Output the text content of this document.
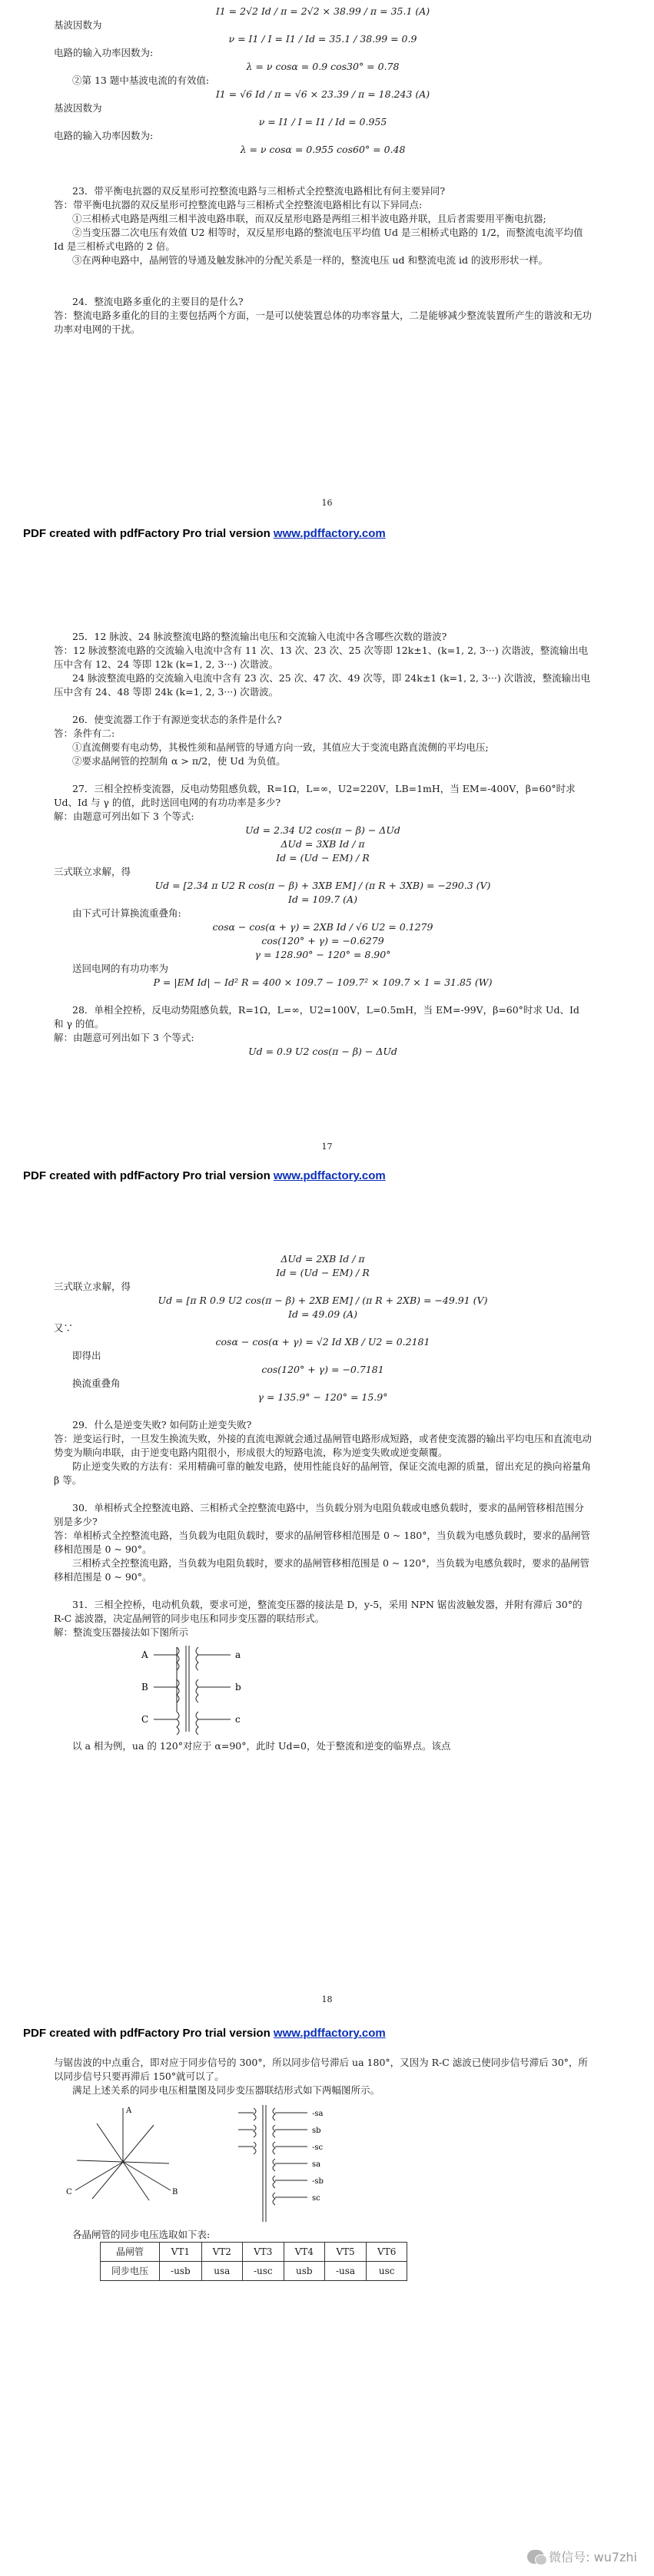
I1 = 2√2 Id / π = 2√2 × 38.99 / π = 35.1 (A)

基波因数为

ν = I1 / I = I1 / Id = 35.1 / 38.99 = 0.9

电路的输入功率因数为:

λ = ν cosα = 0.9 cos30° = 0.78

②第 13 题中基波电流的有效值:

I1 = √6 Id / π = √6 × 23.39 / π = 18.243 (A)

基波因数为

ν = I1 / I = I1 / Id = 0.955

电路的输入功率因数为:

λ = ν cosα = 0.955 cos60° = 0.48

23．带平衡电抗器的双反星形可控整流电路与三相桥式全控整流电路相比有何主要异同?

答：带平衡电抗器的双反星形可控整流电路与三相桥式全控整流电路相比有以下异同点:

①三相桥式电路是两组三相半波电路串联，而双反星形电路是两组三相半波电路并联，且后者需要用平衡电抗器;

②当变压器二次电压有效值 U2 相等时，双反星形电路的整流电压平均值 Ud 是三相桥式电路的 1/2，而整流电流平均值 Id 是三相桥式电路的 2 倍。

③在两种电路中，晶闸管的导通及触发脉冲的分配关系是一样的，整流电压 ud 和整流电流 id 的波形形状一样。

24．整流电路多重化的主要目的是什么?

答：整流电路多重化的目的主要包括两个方面，一是可以使装置总体的功率容量大，二是能够减少整流装置所产生的谐波和无功功率对电网的干扰。

16
PDF created with pdfFactory Pro trial version www.pdffactory.com

25．12 脉波、24 脉波整流电路的整流输出电压和交流输入电流中各含哪些次数的谐波?

答：12 脉波整流电路的交流输入电流中含有 11 次、13 次、23 次、25 次等即 12k±1、(k=1, 2, 3···) 次谐波，整流输出电压中含有 12、24 等即 12k (k=1, 2, 3···) 次谐波。

24 脉波整流电路的交流输入电流中含有 23 次、25 次、47 次、49 次等，即 24k±1 (k=1, 2, 3···) 次谐波，整流输出电压中含有 24、48 等即 24k (k=1, 2, 3···) 次谐波。

26．使变流器工作于有源逆变状态的条件是什么?

答：条件有二:

①直流侧要有电动势，其极性须和晶闸管的导通方向一致，其值应大于变流电路直流侧的平均电压;

②要求晶闸管的控制角 α > π/2，使 Ud 为负值。

27．三相全控桥变流器，反电动势阻感负载，R=1Ω，L=∞，U2=220V，LB=1mH，当 EM=-400V，β=60°时求 Ud、Id 与 γ 的值，此时送回电网的有功功率是多少?

解：由题意可列出如下 3 个等式:

Ud = 2.34 U2 cos(π − β) − ΔUd

ΔUd = 3XB Id / π

Id = (Ud − EM) / R

三式联立求解，得

Ud = [2.34 π U2 R cos(π − β) + 3XB EM] / (π R + 3XB) = −290.3 (V)

Id = 109.7 (A)

由下式可计算换流重叠角:

cosα − cos(α + γ) = 2XB Id / √6 U2 = 0.1279

cos(120° + γ) = −0.6279

γ = 128.90° − 120° = 8.90°

送回电网的有功功率为

P = |EM Id| − Id² R = 400 × 109.7 − 109.7² × 109.7 × 1 = 31.85 (W)

28．单相全控桥，反电动势阻感负载，R=1Ω，L=∞，U2=100V，L=0.5mH，当 EM=-99V，β=60°时求 Ud、Id 和 γ 的值。

解：由题意可列出如下 3 个等式:

Ud = 0.9 U2 cos(π − β) − ΔUd

17
PDF created with pdfFactory Pro trial version www.pdffactory.com

ΔUd = 2XB Id / π

Id = (Ud − EM) / R

三式联立求解，得

Ud = [π R 0.9 U2 cos(π − β) + 2XB EM] / (π R + 2XB) = −49.91 (V)

Id = 49.09 (A)

又∵

cosα − cos(α + γ) = √2 Id XB / U2 = 0.2181

即得出

cos(120° + γ) = −0.7181

换流重叠角

γ = 135.9° − 120° = 15.9°

29．什么是逆变失败? 如何防止逆变失败?

答：逆变运行时，一旦发生换流失败，外接的直流电源就会通过晶闸管电路形成短路，或者使变流器的输出平均电压和直流电动势变为顺向串联，由于逆变电路内阻很小，形成很大的短路电流，称为逆变失败或逆变颠覆。

防止逆变失败的方法有：采用精确可靠的触发电路，使用性能良好的晶闸管，保证交流电源的质量，留出充足的换向裕量角 β 等。

30．单相桥式全控整流电路、三相桥式全控整流电路中，当负载分别为电阻负载或电感负载时，要求的晶闸管移相范围分别是多少?

答：单相桥式全控整流电路，当负载为电阻负载时，要求的晶闸管移相范围是 0 ~ 180°，当负载为电感负载时，要求的晶闸管移相范围是 0 ~ 90°。

三相桥式全控整流电路，当负载为电阻负载时，要求的晶闸管移相范围是 0 ~ 120°，当负载为电感负载时，要求的晶闸管移相范围是 0 ~ 90°。

31．三相全控桥，电动机负载，要求可逆，整流变压器的接法是 D，y-5，采用 NPN 锯齿波触发器，并附有滞后 30°的 R-C 滤波器，决定晶闸管的同步电压和同步变压器的联结形式。

解：整流变压器接法如下图所示

A
B
C
a
b
c

以 a 相为例，ua 的 120°对应于 α=90°，此时 Ud=0，处于整流和逆变的临界点。该点

18
PDF created with pdfFactory Pro trial version www.pdffactory.com

与锯齿波的中点重合，即对应于同步信号的 300°，所以同步信号滞后 ua 180°，又因为 R-C 滤波已使同步信号滞后 30°，所以同步信号只要再滞后 150°就可以了。

满足上述关系的同步电压相量图及同步变压器联结形式如下两幅图所示。

A
B
C
-sa
sb
-sc
sa
-sb
sc

各晶闸管的同步电压选取如下表:

晶闸管	VT1	VT2	VT3	VT4	VT5	VT6
同步电压	-usb	usa	-usc	usb	-usa	usc
微信号: wu7zhi
